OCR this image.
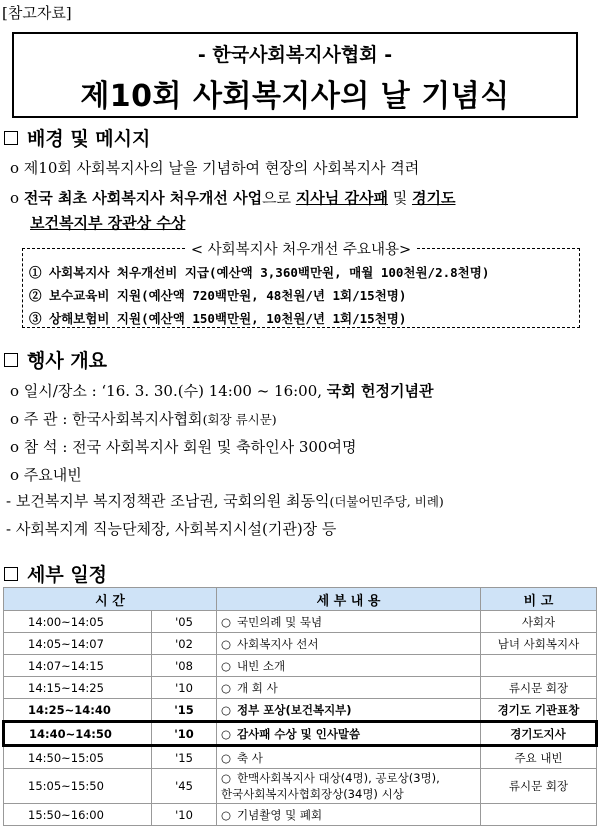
[참고자료]
- 한국사회복지사협회 -
제10회 사회복지사의 날 기념식
배경 및 메시지
o 제10회 사회복지사의 날을 기념하여 현장의 사회복지사 격려
o 전국 최초 사회복지사 처우개선 사업으로 지사님 감사패 및 경기도
보건복지부 장관상 수상
< 사회복지사 처우개선 주요내용>
① 사회복지사 처우개선비 지급(예산액 3,360백만원, 매월 100천원/2.8천명)
② 보수교육비 지원(예산액 720백만원, 48천원/년 1회/15천명)
③ 상해보험비 지원(예산액 150백만원, 10천원/년 1회/15천명)
행사 개요
o 일시/장소 : ‘16. 3. 30.(수) 14:00 ~ 16:00, 국회 헌정기념관
o 주 관 : 한국사회복지사협회(회장 류시문)
o 참 석 : 전국 사회복지사 회원 및 축하인사 300여명
o 주요내빈
- 보건복지부 복지정책관 조남권, 국회의원 최동익(더불어민주당, 비례)
- 사회복지계 직능단체장, 사회복지시설(기관)장 등
세부 일정
시 간		세 부 내 용	비 고
14:00~14:05	'05	○ 국민의례 및 묵념	사회자
14:05~14:07	'02	○ 사회복지사 선서	남녀 사회복지사
14:07~14:15	'08	○ 내빈 소개	
14:15~14:25	'10	○ 개 회 사	류시문 회장
14:25~14:40	'15	○ 정부 포상(보건복지부)	경기도 기관표창
14:40~14:50	'10	○ 감사패 수상 및 인사말씀	경기도지사
14:50~15:05	'15	○ 축 사	주요 내빈
15:05~15:50	'45	○ 한맥사회복지사 대상(4명), 공로상(3명),
한국사회복지사협회장상(34명) 시상	류시문 회장
15:50~16:00	'10	○ 기념촬영 및 폐회	
